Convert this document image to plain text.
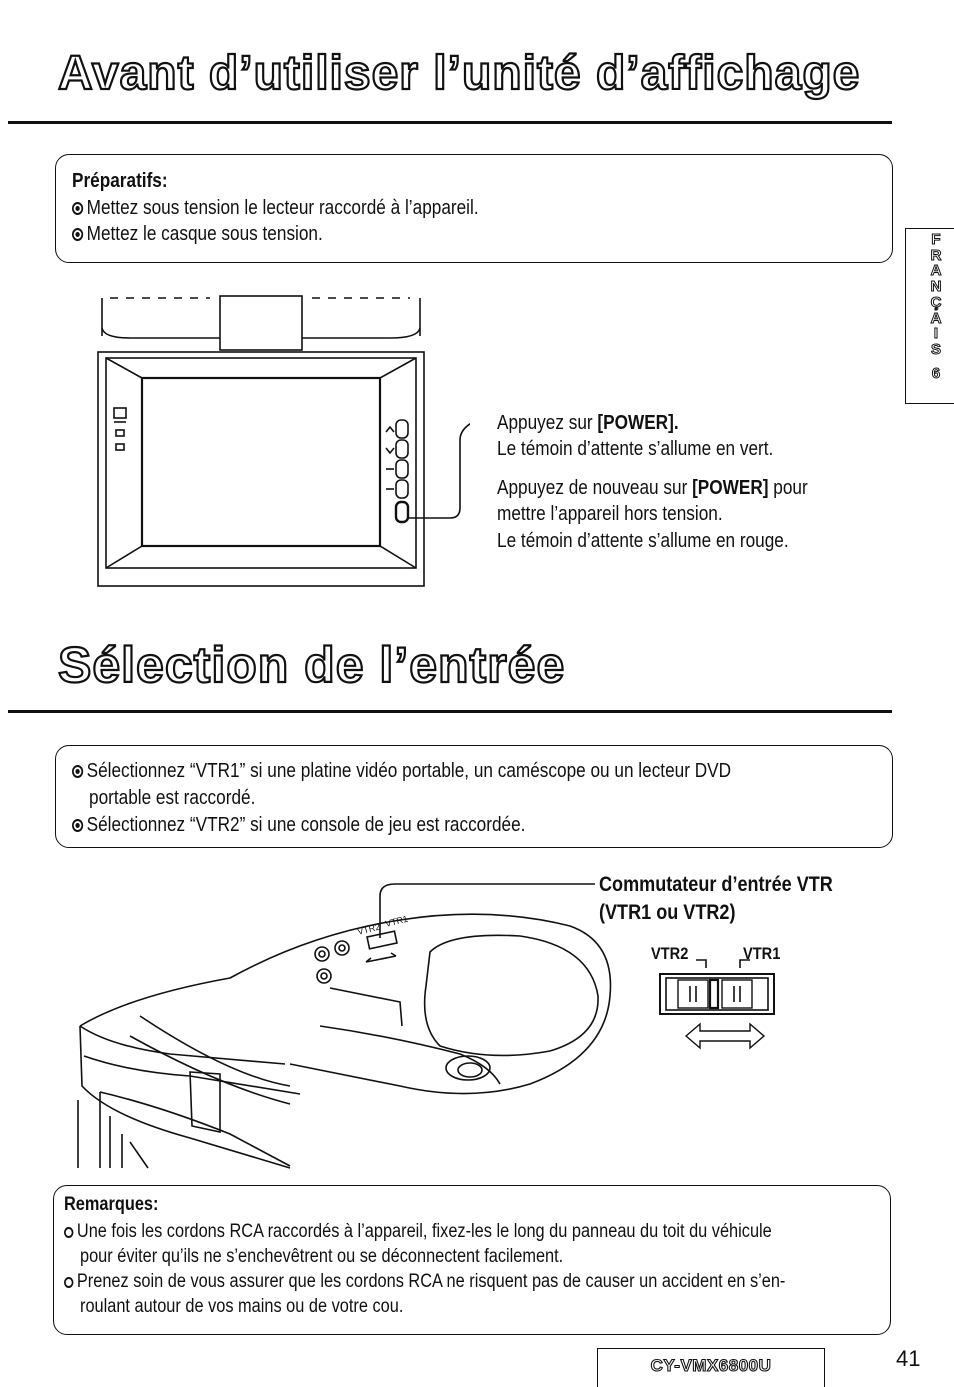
Avant d’utiliser l’unité d’affichage
Préparatifs:
Mettez sous tension le lecteur raccordé à l’appareil.
Mettez le casque sous tension.
Appuyez sur [POWER].
Le témoin d’attente s’allume en vert.
Appuyez de nouveau sur [POWER] pour
mettre l’appareil hors tension.
Le témoin d’attente s’allume en rouge.
F
R
A
N
Ç
A
I
S
6
Sélection de l’entrée
Sélectionnez “VTR1” si une platine vidéo portable, un caméscope ou un lecteur DVD
portable est raccordé.
Sélectionnez “VTR2” si une console de jeu est raccordée.
Commutateur d’entrée VTR
(VTR1 ou VTR2)
VTR2
VTR1
VTR2	VTR1
Remarques:
Une fois les cordons RCA raccordés à l’appareil, fixez-les le long du panneau du toit du véhicule
pour éviter qu’ils ne s’enchevêtrent ou se déconnectent facilement.
Prenez soin de vous assurer que les cordons RCA ne risquent pas de causer un accident en s’en-
roulant autour de vos mains ou de votre cou.
CY-VMX6800U	41
